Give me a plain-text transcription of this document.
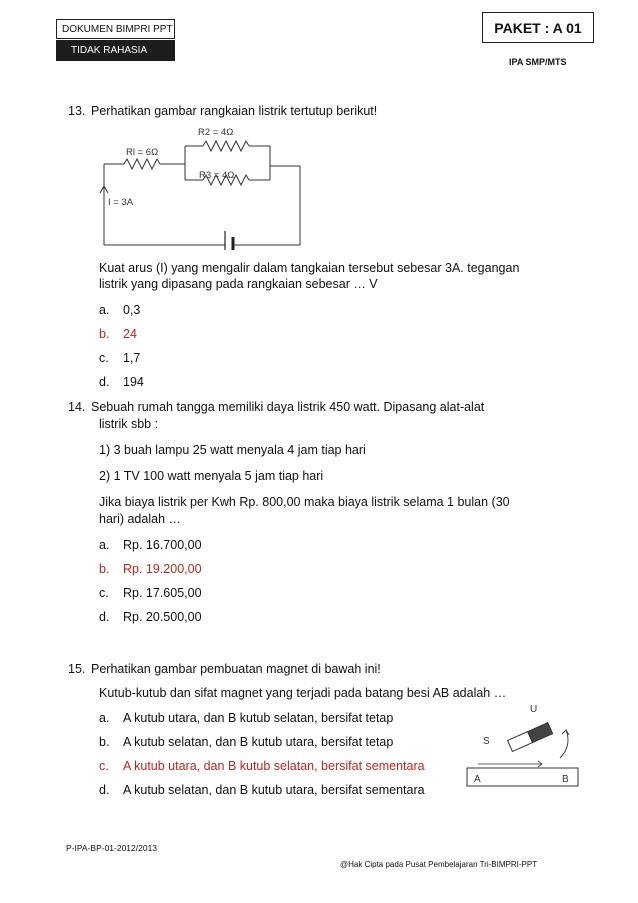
DOKUMEN BIMPRI PPT
TIDAK RAHASIA
PAKET : A 01
IPA SMP/MTS
13. Perhatikan gambar rangkaian listrik tertutup berikut!
R2 = 4Ω
Rl = 6Ω
R3 = 4Ω
I = 3A
Kuat arus (I) yang mengalir dalam tangkaian tersebut sebesar 3A. tegangan
listrik yang dipasang pada rangkaian sebesar … V
a. 0,3
b. 24
c. 1,7
d. 194
14. Sebuah rumah tangga memiliki daya listrik 450 watt. Dipasang alat-alat
listrik sbb :
1) 3 buah lampu 25 watt menyala 4 jam tiap hari
2) 1 TV 100 watt menyala 5 jam tiap hari
Jika biaya listrik per Kwh Rp. 800,00 maka biaya listrik selama 1 bulan (30
hari) adalah …
a. Rp. 16.700,00
b. Rp. 19.200,00
c. Rp. 17.605,00
d. Rp. 20.500,00
15. Perhatikan gambar pembuatan magnet di bawah ini!
Kutub-kutub dan sifat magnet yang terjadi pada batang besi AB adalah …
a. A kutub utara, dan B kutub selatan, bersifat tetap
b. A kutub selatan, dan B kutub utara, bersifat tetap
c. A kutub utara, dan B kutub selatan, bersifat sementara
d. A kutub selatan, dan B kutub utara, bersifat sementara
U
S
A	B
P-IPA-BP-01-2012/2013
@Hak Cipta pada Pusat Pembelajaran Tri-BIMPRI-PPT
